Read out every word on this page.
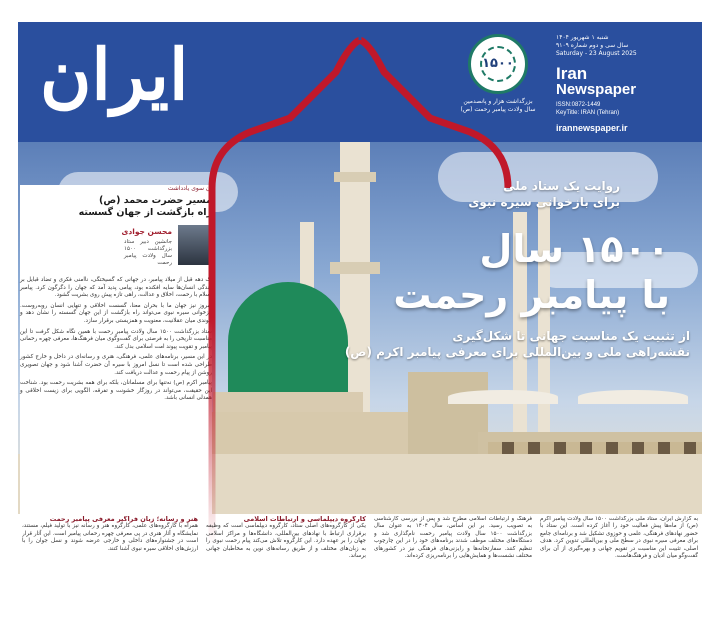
ایران	۱۵۰۰
بزرگداشت هزار و پانصدمین سال ولادت پیامبر رحمت (ص)
شنبه ۱ شهریور ۱۴۰۴
سال سی و دوم شماره ۹۱۰۹
Saturday - 23 August 2025
Iran
Newspaper
ISSN:0872-1449
KeyTitle: IRAN (Tehran)
irannewspaper.ir
آن سوی یادداشت
مسیر حضرت محمد (ص)
راه بازگشت از جهان گسسته
محسن جوادی
جانشین دبیر ستاد بزرگداشت ۱۵۰۰ سال ولادت پیامبر رحمت

یک دهه قبل از میلاد پیامبر، در جهانی که گسیختگی، ناامنی فکری و تضاد قبایل بر زندگی انسان‌ها سایه افکنده بود، پیامی پدید آمد که جهان را دگرگون کرد. پیامبر اسلام با رحمت، اخلاق و عدالت، راهی تازه پیش روی بشریت گشود.

امروز نیز جهان ما با بحران معنا، گسست اخلاقی و تنهایی انسان روبه‌روست. بازخوانی سیره نبوی می‌تواند راه بازگشت از این جهان گسسته را نشان دهد و پیوندی میان عقلانیت، معنویت و همزیستی برقرار سازد.

ستاد بزرگداشت ۱۵۰۰ سال ولادت پیامبر رحمت با همین نگاه شکل گرفت تا این مناسبت تاریخی را به فرصتی برای گفت‌وگوی میان فرهنگ‌ها، معرفی چهره رحمانی پیامبر و تقویت پیوند امت اسلامی بدل کند.

در این مسیر، برنامه‌های علمی، فرهنگی، هنری و رسانه‌ای در داخل و خارج کشور طراحی شده است تا نسل امروز با سیره آن حضرت آشنا شود و جهان تصویری روشن از پیام رحمت و عدالت دریافت کند.

پیامبر اکرم (ص) نه‌تنها برای مسلمانان، بلکه برای همه بشریت رحمت بود. شناخت این حقیقت، می‌تواند در روزگار خشونت و تفرقه، الگویی برای زیست اخلاقی و همدلی انسانی باشد.

روایت یک ستاد ملی
برای بازخوانی سیره نبوی
۱۵۰۰ سال
با پیامبر رحمت
از تثبیت یک مناسبت جهانی تا شکل‌گیری
نقشه‌راهی ملی و بین‌المللی برای معرفی پیامبر اکرم (ص)
به گزارش ایران، ستاد ملی بزرگداشت ۱۵۰۰ سال ولادت پیامبر اکرم (ص) از ماه‌ها پیش فعالیت خود را آغاز کرده است. این ستاد با حضور نهادهای فرهنگی، علمی و حوزوی تشکیل شد و برنامه‌ای جامع برای معرفی سیره نبوی در سطح ملی و بین‌المللی تدوین کرد. هدف اصلی، تثبیت این مناسبت در تقویم جهانی و بهره‌گیری از آن برای گفت‌وگو میان ادیان و فرهنگ‌هاست.
فرهنگ و ارتباطات اسلامی مطرح شد و پس از بررسی کارشناسی به تصویب رسید. بر این اساس، سال ۱۴۰۴ به عنوان سال بزرگداشت ۱۵۰۰ سال ولادت پیامبر رحمت نام‌گذاری شد و دستگاه‌های مختلف موظف شدند برنامه‌های خود را در این چارچوب تنظیم کنند. سفارتخانه‌ها و رایزنی‌های فرهنگی نیز در کشورهای مختلف نشست‌ها و همایش‌هایی را برنامه‌ریزی کرده‌اند.
کارگروه دیپلماسی و ارتباطات اسلامی
یکی از کارگروه‌های اصلی ستاد، کارگروه دیپلماسی است که وظیفه برقراری ارتباط با نهادهای بین‌المللی، دانشگاه‌ها و مراکز اسلامی جهان را بر عهده دارد. این کارگروه تلاش می‌کند پیام رحمت نبوی را به زبان‌های مختلف و از طریق رسانه‌های نوین به مخاطبان جهانی برساند.
هنر و رسانه؛ زبان فراگیر معرفی پیامبر رحمت
همراه با کارگروه‌های علمی، کارگروه هنر و رسانه نیز با تولید فیلم، مستند، نمایشگاه و آثار هنری در پی معرفی چهره رحمانی پیامبر است. این آثار قرار است در جشنواره‌های داخلی و خارجی عرضه شوند و نسل جوان را با ارزش‌های اخلاقی سیره نبوی آشنا کنند.
